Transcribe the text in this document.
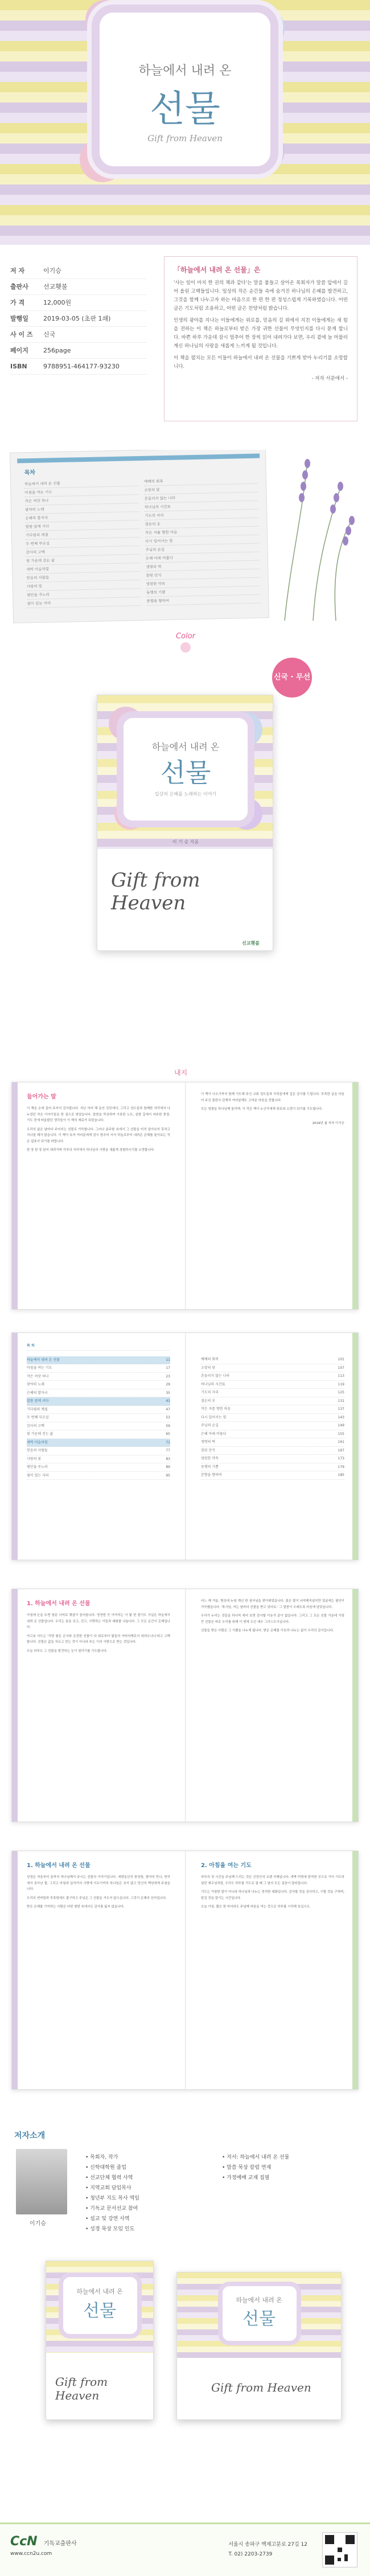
하늘에서 내려 온
선물
Gift from Heaven
저 자	이기승
출판사	선교횃불
가 격	12,000원
발행일	2019-03-05 (초판 1쇄)
사 이 즈	신국
페이지	256page
ISBN	9788951-464177-93230
「하늘에서 내려 온 선물」은

'사는 일이 마치 한 권의 책과 같다'는 말을 붙들고 살아온 목회자가 말씀 앞에서 길어 올린 고백들입니다. 일상의 작은 순간들 속에 숨겨진 하나님의 은혜를 발견하고, 그것을 함께 나누고자 하는 마음으로 한 편 한 편 정성스럽게 기록하였습니다. 어떤 글은 기도처럼 조용하고, 어떤 글은 찬양처럼 밝습니다.

인생의 광야를 지나는 이들에게는 위로를, 믿음의 길 위에서 지친 이들에게는 새 힘을 전하는 이 책은 하늘로부터 받은 가장 귀한 선물이 무엇인지를 다시 묻게 합니다. 바쁜 하루 가운데 잠시 멈추어 한 장씩 읽어 내려가다 보면, 우리 곁에 늘 머물러 계신 하나님의 사랑을 새롭게 느끼게 될 것입니다.

이 책을 펼치는 모든 이들이 하늘에서 내려 온 선물을 기쁘게 받아 누리기를 소망합니다.

- 저자 서문에서 -
목차
하늘에서 내려 온 선물
아침을 여는 기도
작은 씨앗 하나
광야의 노래
은혜의 발자국
말씀 앞에 서다
기다림의 계절
두 번째 부르심
감사의 고백
빛 가운데 걷는 삶
새벽 이슬처럼
믿음의 사람들
사랑의 빚
평안을 주노라
쉼이 있는 자리
예배의 회복
소망의 닻
흔들리지 않는 나라
하나님의 시간표
기도의 자리
겸손의 옷
작은 자를 향한 마음
다시 일어서는 힘
주님의 손길
은혜 아래 머물다
생명의 떡
참된 안식
영원한 약속
동행의 기쁨
본향을 향하여
Color
신국 · 무선
하늘에서 내려 온
선물
일상의 은혜를 노래하는 이야기
이 기 승 지음
Gift from Heaven
선교횃불
내지
들어가는 말

이 책을 손에 들어 주셔서 감사합니다. 지난 여러 해 동안 강단에서, 그리고 성도들과 함께한 자리에서 나누었던 작은 이야기들을 한 권으로 엮었습니다. 말씀을 묵상하며 기록한 노트, 심방 길에서 마주한 풍경, 기도 중에 떠올랐던 생각들이 이 책의 재료가 되었습니다.

우리의 삶은 날마다 주어지는 선물로 가득합니다. 그러나 분주함 속에서 그 선물을 미처 알아보지 못하고 지나칠 때가 많습니다. 이 책이 독자 여러분에게 잠시 멈추어 서서 하늘로부터 내려온 은혜를 돌아보는 작은 쉼표가 되기를 바랍니다.

한 장 한 장 읽어 내려가며 각자의 자리에서 하나님의 사랑을 새롭게 경험하시기를 소망합니다.

이 책이 나오기까지 함께 기도해 주신 교회 성도들과 가족들에게 깊은 감사를 드립니다. 부족한 글을 다듬어 주신 출판사 관계자 여러분께도 고마운 마음을 전합니다.

모든 영광을 하나님께 돌리며, 이 작은 책이 누군가에게 위로와 소망이 되기를 기도합니다.

2019년 봄 저자 이기승

목 차
하늘에서 내려 온 선물	11
아침을 여는 기도	17
작은 씨앗 하나	23
광야의 노래	29
은혜의 발자국	35
말씀 앞에 서다	41
기다림의 계절	47
두 번째 부르심	53
감사의 고백	59
빛 가운데 걷는 삶	65
새벽 이슬처럼	71
믿음의 사람들	77
사랑의 빚	83
평안을 주노라	89
쉼이 있는 자리	95
예배의 회복	101
소망의 닻	107
흔들리지 않는 나라	113
하나님의 시간표	119
기도의 자리	125
겸손의 옷	131
작은 자를 향한 마음	137
다시 일어서는 힘	143
주님의 손길	149
은혜 아래 머물다	155
생명의 떡	161
참된 안식	167
영원한 약속	173
동행의 기쁨	179
본향을 향하여	185
1. 하늘에서 내려 온 선물

아침에 눈을 뜨면 창문 너머로 햇살이 들어옵니다. 당연한 듯 여겨지는 이 빛 한 줄기도 사실은 하늘에서 내려 온 선물입니다. 우리는 숨을 쉬고, 걷고, 사랑하는 이들과 대화를 나눕니다. 그 모든 순간이 은혜입니다.

야고보 사도는 '각양 좋은 은사와 온전한 선물이 다 위로부터 빛들의 아버지께로서 내려오나니'라고 고백합니다. 선물은 값을 치르고 얻는 것이 아니라 주는 이의 사랑으로 받는 것입니다.

오늘 하루도 그 선물을 발견하는 눈이 열리기를 기도합니다.

어느 해 겨울, 병상에 누워 계신 한 권사님을 찾아뵈었습니다. 몸은 많이 쇠약해지셨지만 얼굴에는 평안이 가득했습니다. '목사님, 저는 날마다 선물을 받고 있어요.' 그 말씀이 오래도록 마음에 남았습니다.

우리가 누리는 것들을 하나씩 세어 보면 감사할 이유가 끝이 없습니다. 그리고 그 모든 선물 가운데 가장 큰 선물은 바로 우리를 위해 이 땅에 오신 예수 그리스도이십니다.

선물을 받은 사람은 그 기쁨을 나누게 됩니다. 받은 은혜를 이웃과 나누는 삶이 우리의 감사입니다.

1. 하늘에서 내려 온 선물

성경은 처음부터 끝까지 하나님께서 주시는 선물의 이야기입니다. 에덴동산의 풍성함, 광야의 만나, 반석에서 솟아난 물, 그리고 마침내 십자가의 사랑에 이르기까지 하나님은 쉬지 않고 당신의 백성에게 주셨습니다.

우리의 연약함과 부족함에도 불구하고 주님은 그 선물을 거두지 않으십니다. 그것이 은혜의 신비입니다.

받은 은혜를 기억하는 사람은 어떤 형편 속에서도 감사를 잃지 않습니다.

2. 아침을 여는 기도

하루의 첫 시간을 주님께 드리는 것은 신앙인의 오랜 지혜입니다. 새벽 미명에 한적한 곳으로 가서 기도하셨던 예수님처럼, 우리도 하루를 기도로 열 때 그 날의 모든 걸음이 달라집니다.

기도는 거창한 말이 아니라 하나님과 나누는 정직한 대화입니다. 감사할 것을 감사하고, 구할 것을 구하며, 맡길 것을 맡기는 시간입니다.

오늘 아침, 짧은 한 마디라도 주님께 마음을 여는 것으로 하루를 시작해 보십시오.

저자소개
이기승
• 목회자, 작가
• 신학대학원 졸업
• 선교단체 협력 사역
• 지역교회 담임목사
• 청년부 지도 목사 역임
• 기독교 문서선교 참여
• 설교 및 강연 사역
• 성경 묵상 모임 인도
• 저서: 하늘에서 내려 온 선물
• 말씀 묵상 칼럼 연재
• 가정예배 교재 집필
하늘에서 내려 온
선물
Gift from Heaven
하늘에서 내려 온
선물
Gift from Heaven
CcN 기독교출판사
www.ccn2u.com
서울시 송파구 백제고분로 27길 12
T. 02) 2203-2739
